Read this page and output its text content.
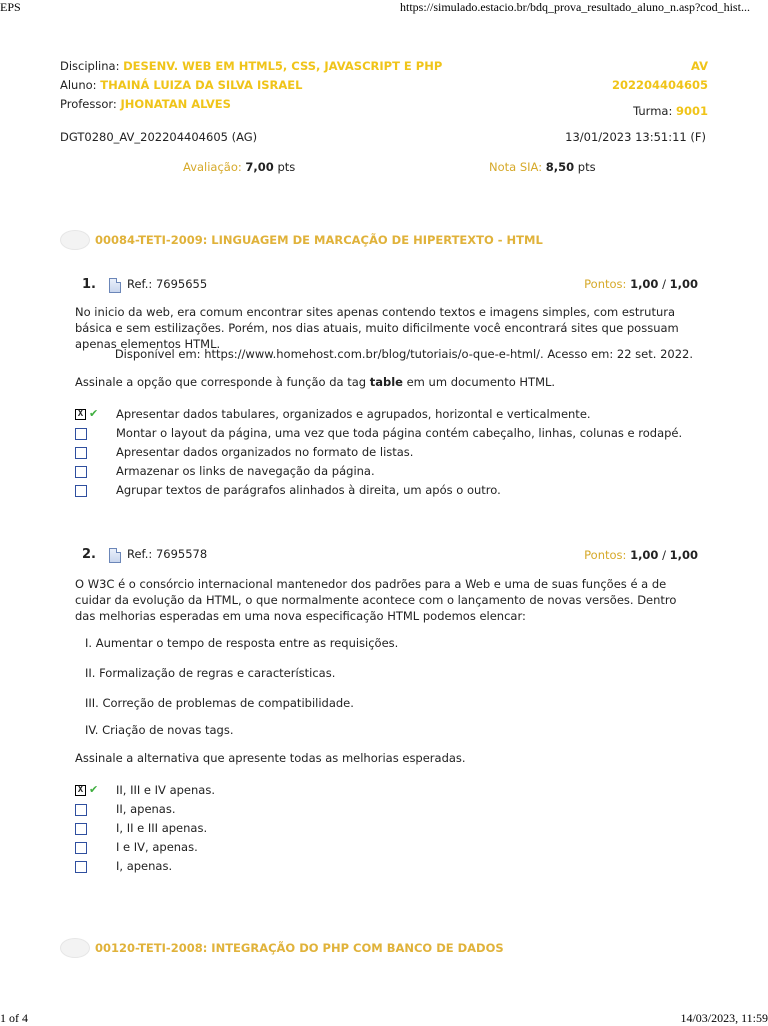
EPS	https://simulado.estacio.br/bdq_prova_resultado_aluno_n.asp?cod_hist...
Disciplina: DESENV. WEB EM HTML5, CSS, JAVASCRIPT E PHP
Aluno: THAINÁ LUIZA DA SILVA ISRAEL
Professor: JHONATAN ALVES
AV
202204404605
Turma: 9001
DGT0280_AV_202204404605 (AG)	13/01/2023 13:51:11 (F)
Avaliação: 7,00 pts	Nota SIA: 8,50 pts
00084-TETI-2009: LINGUAGEM DE MARCAÇÃO DE HIPERTEXTO - HTML
1.	Ref.: 7695655	Pontos: 1,00 / 1,00
No inicio da web, era comum encontrar sites apenas contendo textos e imagens simples, com estrutura básica e sem estilizações. Porém, nos dias atuais, muito dificilmente você encontrará sites que possuam apenas elementos HTML.
Disponível em: https://www.homehost.com.br/blog/tutoriais/o-que-e-html/. Acesso em: 22 set. 2022.
Assinale a opção que corresponde à função da tag table em um documento HTML.
X ✔ Apresentar dados tabulares, organizados e agrupados, horizontal e verticalmente.
Montar o layout da página, uma vez que toda página contém cabeçalho, linhas, colunas e rodapé.
Apresentar dados organizados no formato de listas.
Armazenar os links de navegação da página.
Agrupar textos de parágrafos alinhados à direita, um após o outro.
2.	Ref.: 7695578	Pontos: 1,00 / 1,00
O W3C é o consórcio internacional mantenedor dos padrões para a Web e uma de suas funções é a de cuidar da evolução da HTML, o que normalmente acontece com o lançamento de novas versões. Dentro das melhorias esperadas em uma nova especificação HTML podemos elencar:
I. Aumentar o tempo de resposta entre as requisições.
II. Formalização de regras e características.
III. Correção de problemas de compatibilidade.
IV. Criação de novas tags.
Assinale a alternativa que apresente todas as melhorias esperadas.
X ✔ II, III e IV apenas.
II, apenas.
I, II e III apenas.
I e IV, apenas.
I, apenas.
00120-TETI-2008: INTEGRAÇÃO DO PHP COM BANCO DE DADOS
1 of 4	14/03/2023, 11:59
